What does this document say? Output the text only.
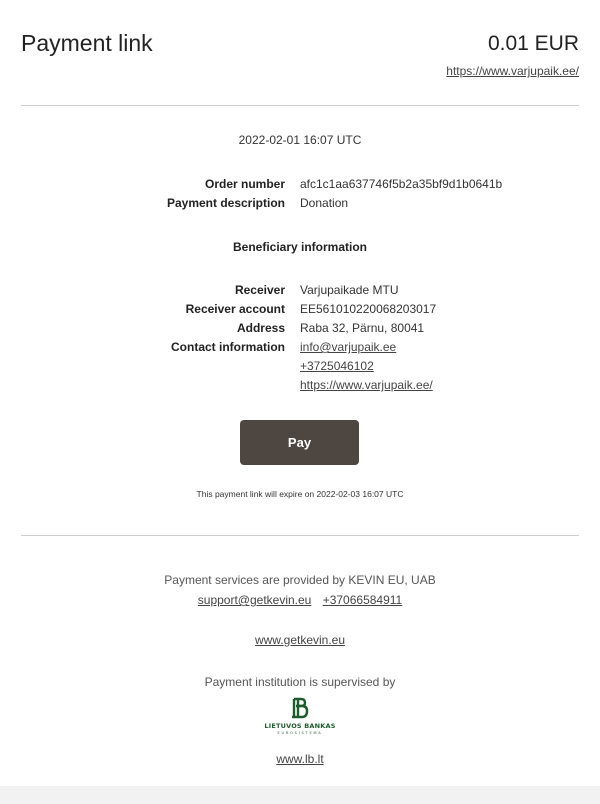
Payment link	0.01 EUR
https://www.varjupaik.ee/
2022-02-01 16:07 UTC
Order number afc1c1aa637746f5b2a35bf9d1b0641b
Payment description Donation
Beneficiary information
Receiver Varjupaikade MTU
Receiver account EE561010220068203017
Address Raba 32, Pärnu, 80041
Contact information info@varjupaik.ee
+3725046102
https://www.varjupaik.ee/
Pay
This payment link will expire on 2022-02-03 16:07 UTC
Payment services are provided by KEVIN EU, UAB
support@getkevin.eu +37066584911
www.getkevin.eu
Payment institution is supervised by
LIETUVOS BANKAS
EUROSISTEMA
www.lb.lt
